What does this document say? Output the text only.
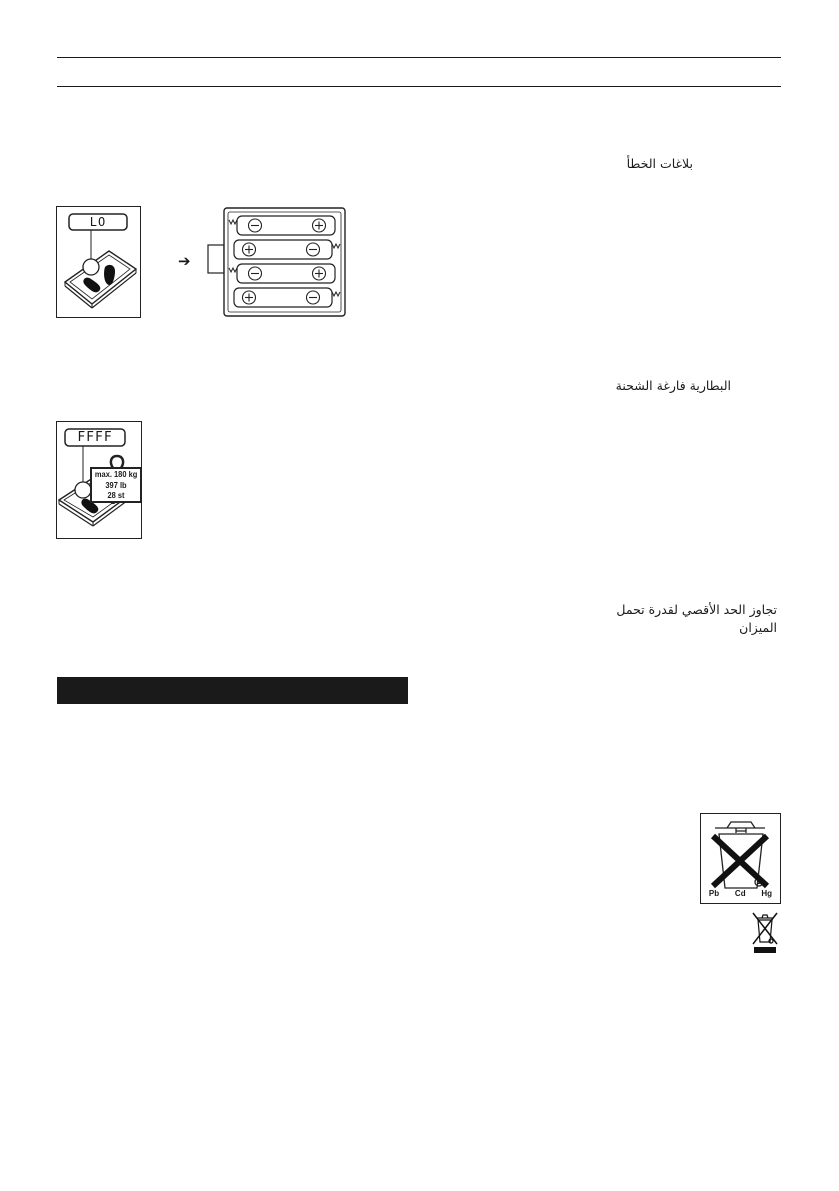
بلاغات الخطأ
LO
➔
البطارية فارغة الشحنة
FFFF
max. 180 kg
397 lb
28 st
تجاوز الحد الأقصي لقدرة تحمل
الميزان
Pb Cd Hg
